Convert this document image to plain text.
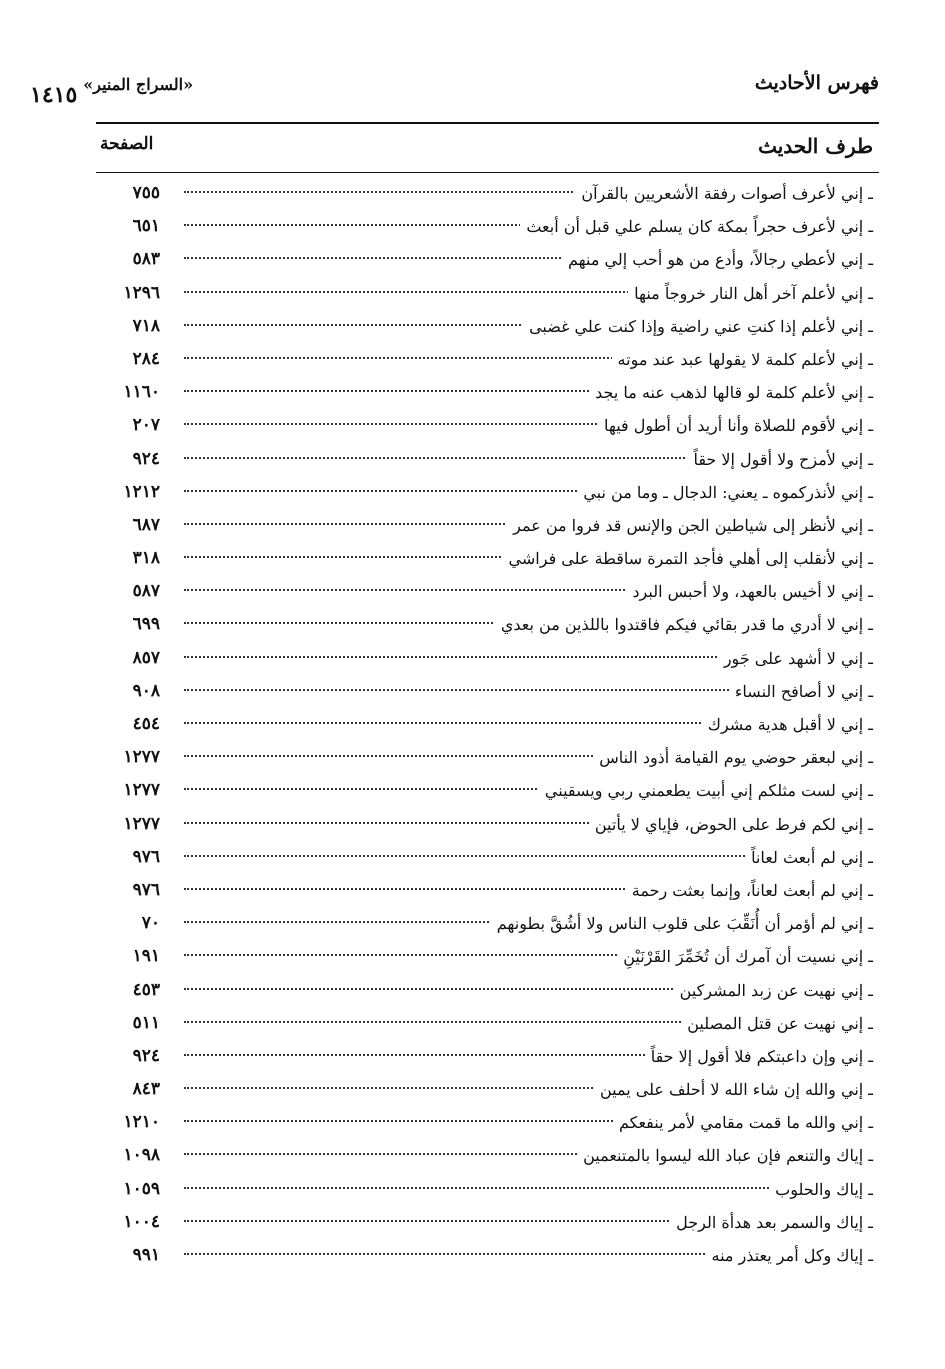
فهرس الأحاديث
١٤١٥ «السراج المنير»
طرف الحديث
الصفحة
ـ إني لأعرف أصوات رفقة الأشعريين بالقرآن
٧٥٥
ـ إني لأعرف حجراً بمكة كان يسلم علي قبل أن أبعث
٦٥١
ـ إني لأعطي رجالاً، وأدع من هو أحب إلي منهم
٥٨٣
ـ إني لأعلم آخر أهل النار خروجاً منها
١٢٩٦
ـ إني لأعلم إذا كنتِ عني راضية وإذا كنت علي غضبى
٧١٨
ـ إني لأعلم كلمة لا يقولها عبد عند موته
٢٨٤
ـ إني لأعلم كلمة لو قالها لذهب عنه ما يجد
١١٦٠
ـ إني لأقوم للصلاة وأنا أريد أن أطول فيها
٢٠٧
ـ إني لأمزح ولا أقول إلا حقاً
٩٢٤
ـ إني لأنذركموه ـ يعني: الدجال ـ وما من نبي
١٢١٢
ـ إني لأنظر إلى شياطين الجن والإنس قد فروا من عمر
٦٨٧
ـ إني لأنقلب إلى أهلي فأجد التمرة ساقطة على فراشي
٣١٨
ـ إني لا أخيس بالعهد، ولا أحبس البرد
٥٨٧
ـ إني لا أدري ما قدر بقائي فيكم فاقتدوا باللذين من بعدي
٦٩٩
ـ إني لا أشهد على جَور
٨٥٧
ـ إني لا أصافح النساء
٩٠٨
ـ إني لا أقبل هدية مشرك
٤٥٤
ـ إني لبعقر حوضي يوم القيامة أذود الناس
١٢٧٧
ـ إني لست مثلكم إني أبيت يطعمني ربي ويسقيني
١٢٧٧
ـ إني لكم فرط على الحوض، فإياي لا يأتين
١٢٧٧
ـ إني لم أبعث لعاناً
٩٧٦
ـ إني لم أبعث لعاناً، وإنما بعثت رحمة
٩٧٦
ـ إني لم أؤمر أن أُنَقِّبَ على قلوب الناس ولا أشُقَّ بطونهم
٧٠
ـ إني نسيت أن آمرك أن تُخَمِّرَ القَرْنَيْنِ
١٩١
ـ إني نهيت عن زبد المشركين
٤٥٣
ـ إني نهيت عن قتل المصلين
٥١١
ـ إني وإن داعبتكم فلا أقول إلا حقاً
٩٢٤
ـ إني والله إن شاء الله لا أحلف على يمين
٨٤٣
ـ إني والله ما قمت مقامي لأمر ينفعكم
١٢١٠
ـ إياك والتنعم فإن عباد الله ليسوا بالمتنعمين
١٠٩٨
ـ إياك والحلوب
١٠٥٩
ـ إياك والسمر بعد هدأة الرجل
١٠٠٤
ـ إياك وكل أمر يعتذر منه
٩٩١
